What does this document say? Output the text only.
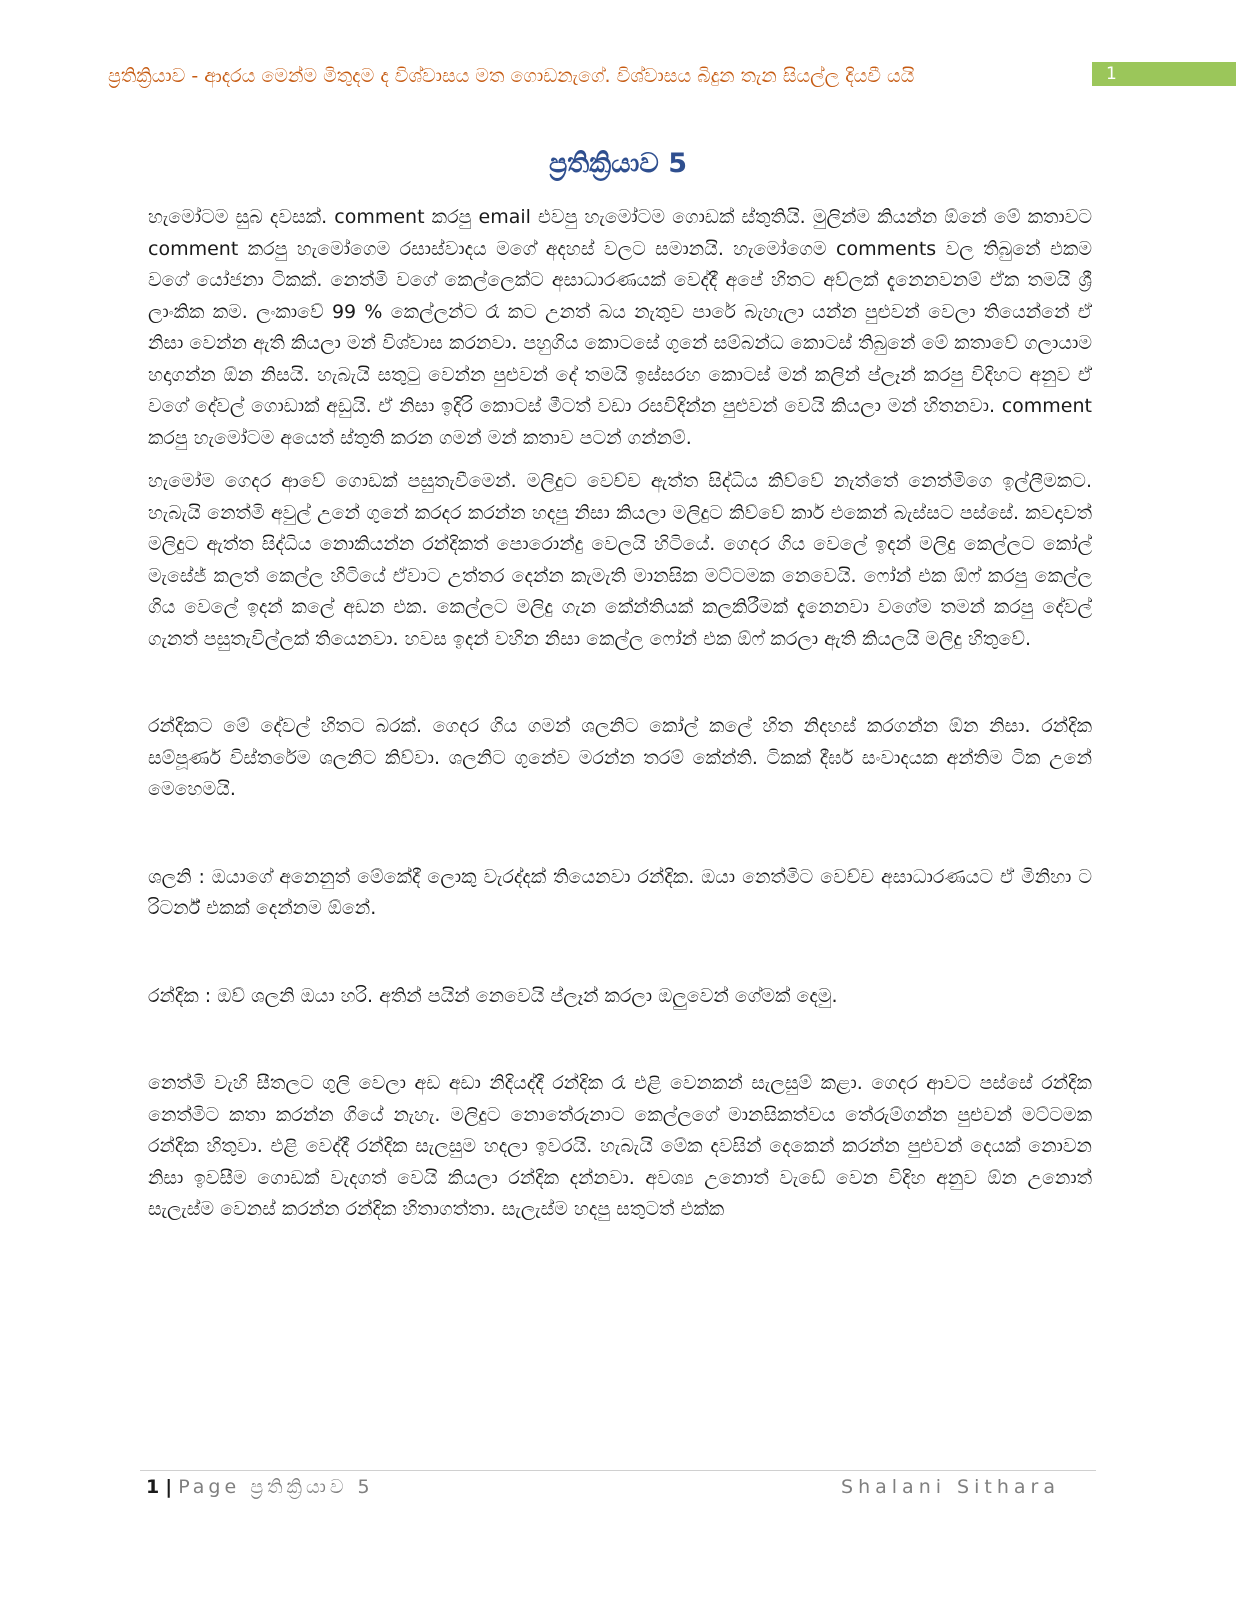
ප්‍රතික්‍රියාව - ආදරය මෙන්ම මිතුදම ද විශ්වාසය මත ගොඩනැගේ. විශ්වාසය බිදුන තැන සියල්ල දියවී යයි	1
ප්‍රතික්‍රියාව 5

හැමෝටම සුබ දවසක්. comment කරපු email එවපු හැමෝටම ගොඩක් ස්තුතියි. මුලින්ම කියන්න ඕනේ මේ කතාවට comment කරපු හැමෝගෙම රසාස්වාදය මගේ අදහස් වලට සමානයි. හැමෝගෙම comments වල තිබුනේ එකම වගේ යෝජනා ටිකක්. නෙත්මි වගේ කෙල්ලෙක්ට අසාධාරණයක් වෙද්දී අපේ හිතට අව්ලක් දැනෙනවනම් ඒක තමයි ශ්‍රී ලාංකික කම. ලංකාවේ 99 % කෙල්ලන්ට රෑ කට උනත් බය නැතුව පාරේ බැහැලා යන්න පුළුවන් වෙලා තියෙන්නේ ඒ නිසා වෙන්න ඇති කියලා මන් විශ්වාස කරනවා. පහුගිය කොටසේ ගුනේ සම්බන්ධ කොටස් තිබුනේ මේ කතාවේ ගලායාම හදාගන්න ඕන නිසයි. හැබැයි සතුටු වෙන්න පුළුවන් දේ තමයි ඉස්සරහ කොටස් මන් කලින් ප්ලෑන් කරපු විදිහට අනුව ඒ වගේ දේවල් ගොඩාක් අඩුයි. ඒ නිසා ඉදිරි කොටස් මීටත් වඩා රසවිදින්න පුළුවන් වෙයි කියලා මන් හිතනවා. comment කරපු හැමෝටම අයෙත් ස්තුති කරන ගමන් මන් කතාව පටන් ගන්නම්.

හැමෝම ගෙදර ආවේ ගොඩක් පසුතැවීමෙන්. මලිදුට වෙච්ච ඇත්ත සිද්ධිය කිව්වේ නැත්තේ නෙත්මිගෙ ඉල්ලීමකට. හැබැයි නෙත්මි අවුල් උනේ ගුනේ කරදර කරන්න හදපු නිසා කියලා මලිදුට කිව්වේ කාර් එකෙන් බැස්සට පස්සේ. කවදාවත් මලිදුට ඇත්ත සිද්ධිය නොකියන්න රන්දිකත් පොරොන්දු වෙලයි හිටියේ. ගෙදර ගිය වෙලේ ඉදන් මලිදු කෙල්ලට කෝල් මැසේජ් කලත් කෙල්ල හිටියේ ඒවාට උත්තර දෙන්න කැමැති මානසික මට්ටමක නෙවෙයි. ෆෝන් එක ඕෆ් කරපු කෙල්ල ගිය වෙලේ ඉදන් කලේ අඩන එක. කෙල්ලට මලිදු ගැන කේන්තියක් කලකිරීමක් දැනෙනවා වගේම තමන් කරපු දේවල් ගැනත් පසුතැවිල්ලක් තියෙනවා. හවස ඉදන් වහින නිසා කෙල්ල ෆෝන් එක ඕෆ් කරලා ඇති කියලයි මලිදු හිතුවේ.

රන්දිකට මේ දේවල් හිතට බරක්. ගෙදර ගිය ගමන් ශලනිට කෝල් කලේ හිත නිදහස් කරගන්න ඕන නිසා. රන්දික සම්පූර්ණ විස්තරේම ශලනිට කිව්වා. ශලනිට ගුනේව මරන්න තරම් කේන්ති. ටිකක් දීර්ඝ සංවාදයක අන්තිම ටික උනේ මෙහෙමයි.

ශලනි : ඔයාගේ අනෙනුත් මේකේදී ලොකු වැරද්දක් තියෙනවා රන්දික. ඔයා නෙත්මිට වෙච්ච අසාධාරණයට ඒ මිනිහා ට රිටර්න් එකක් දෙන්නම ඕනේ.

රන්දික : ඔව් ශලනි ඔයා හරි. අතින් පයින් නෙවෙයි ප්ලෑන් කරලා ඔලුවෙන් ගේමක් දෙමු.

නෙත්මි වැහි සීතලට ගුලි වෙලා අඩ අඩා නිදියද්දී රන්දික රෑ එළි වෙනකන් සැලසුම් කළා. ගෙදර ආවට පස්සේ රන්දික නෙත්මිට කතා කරන්න ගියේ නැහැ. මලිදුට නොතේරුනාට කෙල්ලගේ මානසිකත්වය තේරුම්ගන්න පුළුවන් මට්ටමක රන්දික හිතුවා. එළි වෙද්දී රන්දික සැලසුම හදලා ඉවරයි. හැබැයි මේක දවසින් දෙකෙන් කරන්න පුළුවන් දෙයක් නොවන නිසා ඉවසීම ගොඩක් වැදගත් වෙයි කියලා රන්දික දන්නවා. අවශ්‍ය උනොත් වැඩේ වෙන විදිහ අනුව ඕන උනොත් සැලැස්ම වෙනස් කරන්න රන්දික හිතාගත්තා. සැලැස්ම හදපු සතුටත් එක්ක

1 | Page ප්‍රතික්‍රියාව 5	Shalani Sithara
